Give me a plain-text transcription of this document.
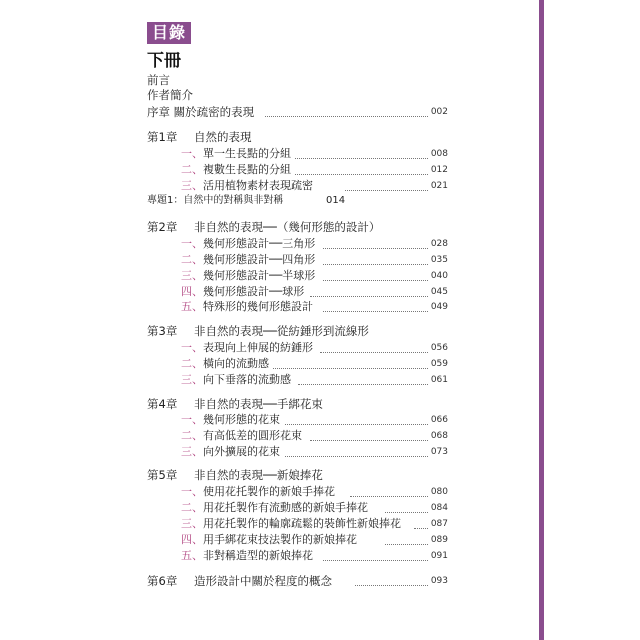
目錄
下冊
前言
作者簡介
序章 關於疏密的表現	002
第1章 自然的表現
一、單一生長點的分組	008
二、複數生長點的分組	012
三、活用植物素材表現疏密	021
專題1：自然中的對稱與非對稱	014
第2章 非自然的表現──（幾何形態的設計）
一、幾何形態設計──三角形	028
二、幾何形態設計──四角形	035
三、幾何形態設計──半球形	040
四、幾何形態設計──球形	045
五、特殊形的幾何形態設計	049
第3章 非自然的表現──從紡錘形到流線形
一、表現向上伸展的紡錘形	056
二、橫向的流動感	059
三、向下垂落的流動感	061
第4章 非自然的表現──手綁花束
一、幾何形態的花束	066
二、有高低差的圓形花束	068
三、向外擴展的花束	073
第5章 非自然的表現──新娘捧花
一、使用花托製作的新娘手捧花	080
二、用花托製作有流動感的新娘手捧花	084
三、用花托製作的輪廓疏鬆的裝飾性新娘捧花	087
四、用手綁花束技法製作的新娘捧花	089
五、非對稱造型的新娘捧花	091
第6章 造形設計中關於程度的概念	093
